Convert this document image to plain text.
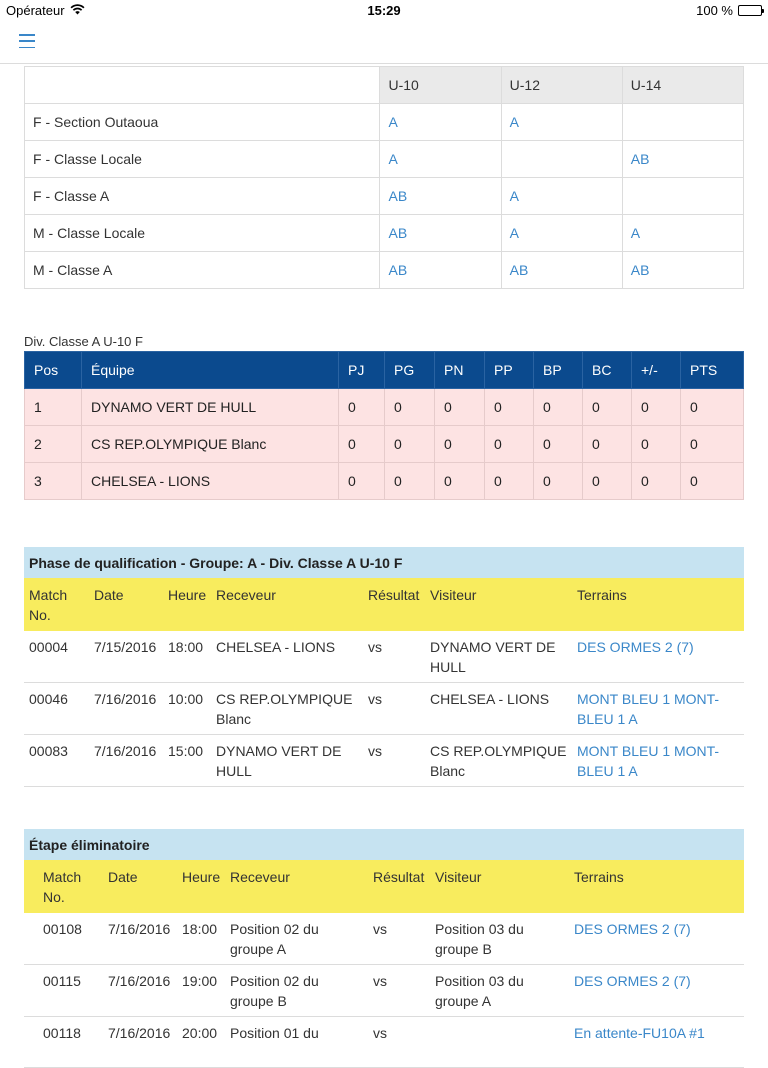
Opérateur	15:29	100 %
	U-10	U-12	U-14
F - Section Outaoua	A	A	
F - Classe Locale	A		AB
F - Classe A	AB	A	
M - Classe Locale	AB	A	A
M - Classe A	AB	AB	AB
Div. Classe A U-10 F
Pos	Équipe	PJ	PG	PN	PP	BP	BC	+/-	PTS
1	DYNAMO VERT DE HULL	0	0	0	0	0	0	0	0
2	CS REP.OLYMPIQUE Blanc	0	0	0	0	0	0	0	0
3	CHELSEA - LIONS	0	0	0	0	0	0	0	0
Phase de qualification - Groupe: A - Div. Classe A U-10 F						
Match No.	Date	Heure	Receveur	Résultat	Visiteur	Terrains
00004	7/15/2016	18:00	CHELSEA - LIONS	vs	DYNAMO VERT DE HULL	DES ORMES 2 (7)
00046	7/16/2016	10:00	CS REP.OLYMPIQUE Blanc	vs	CHELSEA - LIONS	MONT BLEU 1 MONT-BLEU 1 A
00083	7/16/2016	15:00	DYNAMO VERT DE HULL	vs	CS REP.OLYMPIQUE Blanc	MONT BLEU 1 MONT-BLEU 1 A
Étape éliminatoire							
	Match No.	Date	Heure	Receveur	Résultat	Visiteur	Terrains
	00108	7/16/2016	18:00	Position 02 du groupe A	vs	Position 03 du groupe B	DES ORMES 2 (7)
	00115	7/16/2016	19:00	Position 02 du groupe B	vs	Position 03 du groupe A	DES ORMES 2 (7)
	00118	7/16/2016	20:00	Position 01 du	vs		En attente-FU10A #1
